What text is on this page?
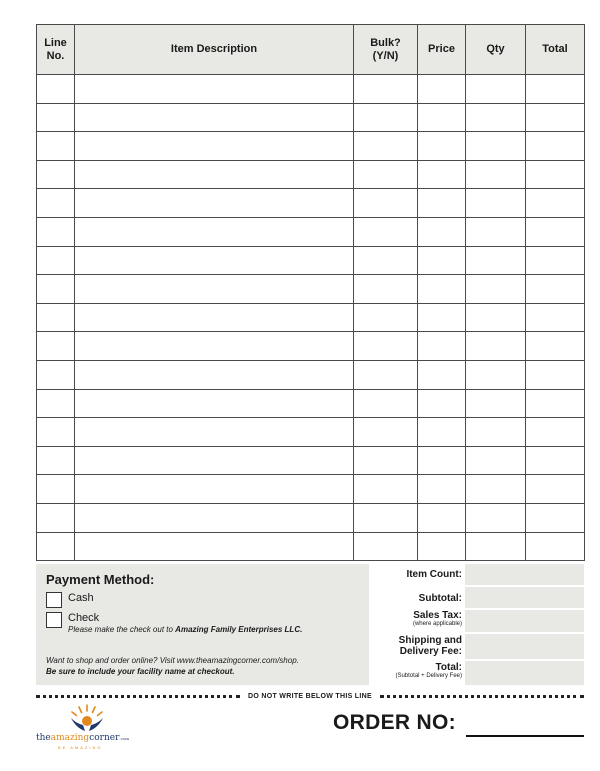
Line No.	Item Description	Bulk? (Y/N)	Price	Qty	Total

Payment Method:
Cash
Check
Please make the check out to Amazing Family Enterprises LLC.
Want to shop and order online? Visit www.theamazingcorner.com/shop.
Be sure to include your facility name at checkout.
Item Count:
Subtotal:
Sales Tax:
(where applicable)
Shipping and
Delivery Fee:
Total:
(Subtotal + Delivery Fee)
DO NOT WRITE BELOW THIS LINE
theamazingcorner.com
BE AMAZING
ORDER NO:
